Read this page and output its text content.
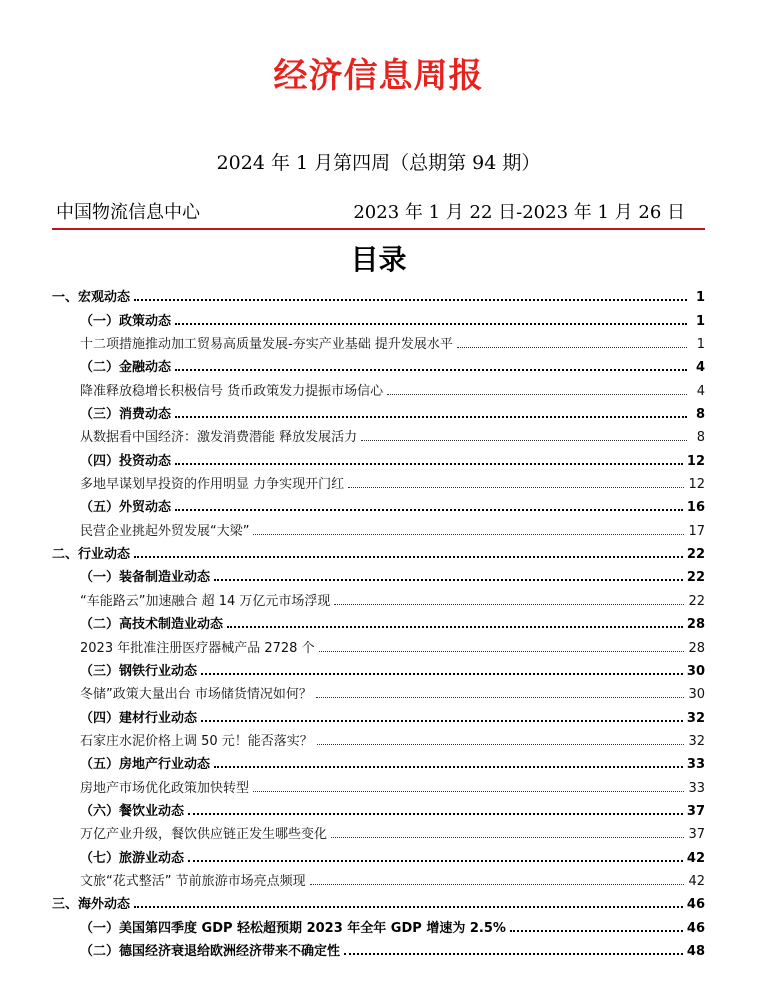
经济信息周报
2024 年 1 月第四周（总期第 94 期）
中国物流信息中心	2023 年 1 月 22 日-2023 年 1 月 26 日
目录
一、宏观动态	1
（一）政策动态	1
十二项措施推动加工贸易高质量发展-夯实产业基础 提升发展水平	1
（二）金融动态	4
降准释放稳增长积极信号 货币政策发力提振市场信心	4
（三）消费动态	8
从数据看中国经济：激发消费潜能 释放发展活力	8
（四）投资动态	12
多地早谋划早投资的作用明显 力争实现开门红	12
（五）外贸动态	16
民营企业挑起外贸发展“大梁”	17
二、行业动态	22
（一）装备制造业动态	22
“车能路云”加速融合 超 14 万亿元市场浮现	22
（二）高技术制造业动态	28
2023 年批准注册医疗器械产品 2728 个	28
（三）钢铁行业动态	30
冬储”政策大量出台 市场储货情况如何？	30
（四）建材行业动态	32
石家庄水泥价格上调 50 元！能否落实？	32
（五）房地产行业动态	33
房地产市场优化政策加快转型	33
（六）餐饮业动态	37
万亿产业升级，餐饮供应链正发生哪些变化	37
（七）旅游业动态	42
文旅“花式整活” 节前旅游市场亮点频现	42
三、海外动态	46
（一）美国第四季度 GDP 轻松超预期 2023 年全年 GDP 增速为 2.5%	46
（二）德国经济衰退给欧洲经济带来不确定性	48
